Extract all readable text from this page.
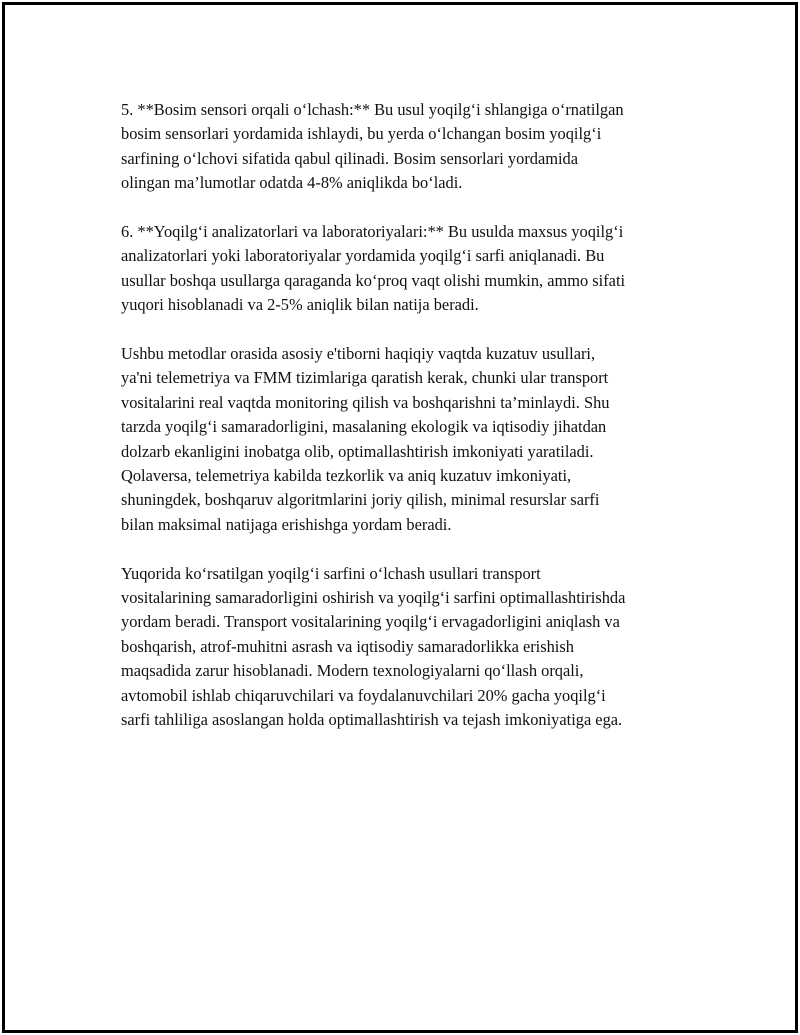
5. **Bosim sensori orqali o‘lchash:** Bu usul yoqilg‘i shlangiga o‘rnatilgan
bosim sensorlari yordamida ishlaydi, bu yerda o‘lchangan bosim yoqilg‘i
sarfining o‘lchovi sifatida qabul qilinadi. Bosim sensorlari yordamida
olingan ma’lumotlar odatda 4-8% aniqlikda bo‘ladi.

6. **Yoqilg‘i analizatorlari va laboratoriyalari:** Bu usulda maxsus yoqilg‘i
analizatorlari yoki laboratoriyalar yordamida yoqilg‘i sarfi aniqlanadi. Bu
usullar boshqa usullarga qaraganda ko‘proq vaqt olishi mumkin, ammo sifati
yuqori hisoblanadi va 2-5% aniqlik bilan natija beradi.

Ushbu metodlar orasida asosiy e'tiborni haqiqiy vaqtda kuzatuv usullari,
ya'ni telemetriya va FMM tizimlariga qaratish kerak, chunki ular transport
vositalarini real vaqtda monitoring qilish va boshqarishni ta’minlaydi. Shu
tarzda yoqilg‘i samaradorligini, masalaning ekologik va iqtisodiy jihatdan
dolzarb ekanligini inobatga olib, optimallashtirish imkoniyati yaratiladi.
Qolaversa, telemetriya kabilda tezkorlik va aniq kuzatuv imkoniyati,
shuningdek, boshqaruv algoritmlarini joriy qilish, minimal resurslar sarfi
bilan maksimal natijaga erishishga yordam beradi.

Yuqorida ko‘rsatilgan yoqilg‘i sarfini o‘lchash usullari transport
vositalarining samaradorligini oshirish va yoqilg‘i sarfini optimallashtirishda
yordam beradi. Transport vositalarining yoqilg‘i ervagadorligini aniqlash va
boshqarish, atrof-muhitni asrash va iqtisodiy samaradorlikka erishish
maqsadida zarur hisoblanadi. Modern texnologiyalarni qo‘llash orqali,
avtomobil ishlab chiqaruvchilari va foydalanuvchilari 20% gacha yoqilg‘i
sarfi tahliliga asoslangan holda optimallashtirish va tejash imkoniyatiga ega.
